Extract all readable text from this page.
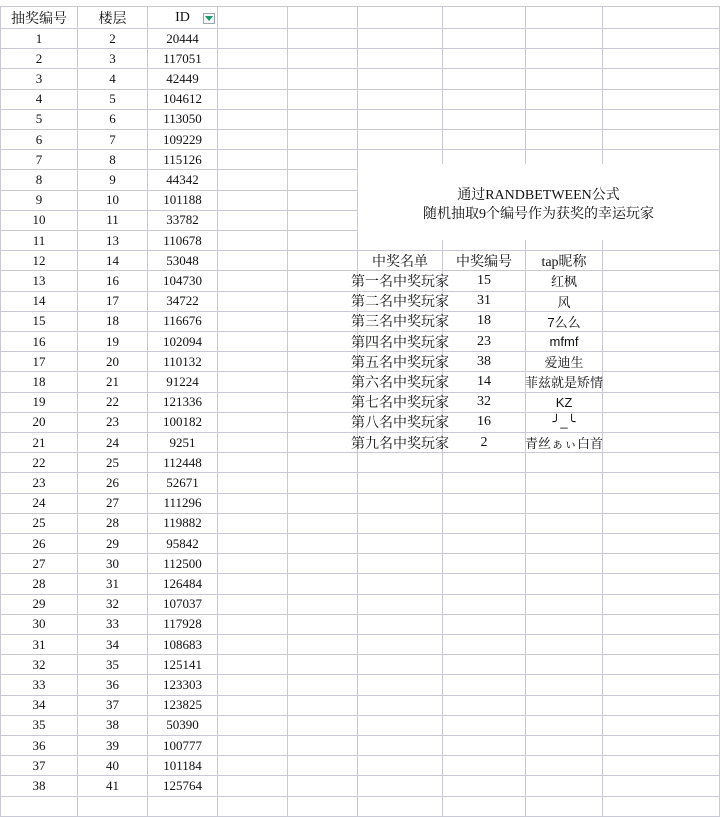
抽奖编号	楼层	ID
1	2	20444
2	3	117051
3	4	42449
4	5	104612
5	6	113050
6	7	109229
7	8	115126
8	9	44342
9	10	101188
10	11	33782
11	13	110678
12	14	53048	中奖名单	中奖编号	tap昵称
13	16	104730	第一名中奖玩家	15	红枫
14	17	34722	第二名中奖玩家	31	风
15	18	116676	第三名中奖玩家	18	7么么
16	19	102094	第四名中奖玩家	23	mfmf
17	20	110132	第五名中奖玩家	38	爱迪生
18	21	91224	第六名中奖玩家	14	菲兹就是矫情
19	22	121336	第七名中奖玩家	32	KZ
20	23	100182	第八名中奖玩家	16	╯_╰
21	24	9251	第九名中奖玩家	2	青丝ぁぃ白首
22	25	112448
23	26	52671
24	27	111296
25	28	119882
26	29	95842
27	30	112500
28	31	126484
29	32	107037
30	33	117928
31	34	108683
32	35	125141
33	36	123303
34	37	123825
35	38	50390
36	39	100777
37	40	101184
38	41	125764
通过RANDBETWEEN公式
随机抽取9个编号作为获奖的幸运玩家
